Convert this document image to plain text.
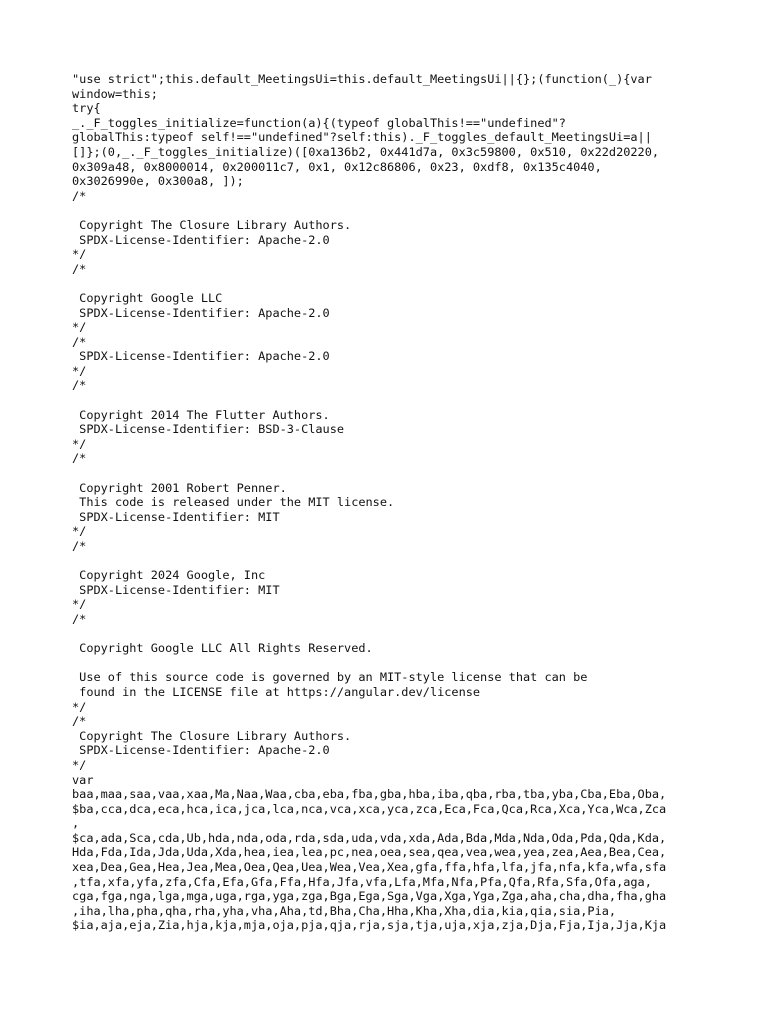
"use strict";this.default_MeetingsUi=this.default_MeetingsUi||{};(function(_){var
window=this;
try{
_._F_toggles_initialize=function(a){(typeof globalThis!=="undefined"?
globalThis:typeof self!=="undefined"?self:this)._F_toggles_default_MeetingsUi=a||
[]};(0,_._F_toggles_initialize)([0xa136b2, 0x441d7a, 0x3c59800, 0x510, 0x22d20220,
0x309a48, 0x8000014, 0x200011c7, 0x1, 0x12c86806, 0x23, 0xdf8, 0x135c4040,
0x3026990e, 0x300a8, ]);
/*
Copyright The Closure Library Authors.
SPDX-License-Identifier: Apache-2.0
*/
/*
Copyright Google LLC
SPDX-License-Identifier: Apache-2.0
*/
/*
SPDX-License-Identifier: Apache-2.0
*/
/*
Copyright 2014 The Flutter Authors.
SPDX-License-Identifier: BSD-3-Clause
*/
/*
Copyright 2001 Robert Penner.
This code is released under the MIT license.
SPDX-License-Identifier: MIT
*/
/*
Copyright 2024 Google, Inc
SPDX-License-Identifier: MIT
*/
/*
Copyright Google LLC All Rights Reserved.
Use of this source code is governed by an MIT-style license that can be
found in the LICENSE file at https://angular.dev/license
*/
/*
Copyright The Closure Library Authors.
SPDX-License-Identifier: Apache-2.0
*/
var
baa,maa,saa,vaa,xaa,Ma,Naa,Waa,cba,eba,fba,gba,hba,iba,qba,rba,tba,yba,Cba,Eba,Oba,
$ba,cca,dca,eca,hca,ica,jca,lca,nca,vca,xca,yca,zca,Eca,Fca,Qca,Rca,Xca,Yca,Wca,Zca
,
$ca,ada,Sca,cda,Ub,hda,nda,oda,rda,sda,uda,vda,xda,Ada,Bda,Mda,Nda,Oda,Pda,Qda,Kda,
Hda,Fda,Ida,Jda,Uda,Xda,hea,iea,lea,pc,nea,oea,sea,qea,vea,wea,yea,zea,Aea,Bea,Cea,
xea,Dea,Gea,Hea,Jea,Mea,Oea,Qea,Uea,Wea,Vea,Xea,gfa,ffa,hfa,lfa,jfa,nfa,kfa,wfa,sfa
,tfa,xfa,yfa,zfa,Cfa,Efa,Gfa,Ffa,Hfa,Jfa,vfa,Lfa,Mfa,Nfa,Pfa,Qfa,Rfa,Sfa,Ofa,aga,
cga,fga,nga,lga,mga,uga,rga,yga,zga,Bga,Ega,Sga,Vga,Xga,Yga,Zga,aha,cha,dha,fha,gha
,iha,lha,pha,qha,rha,yha,vha,Aha,td,Bha,Cha,Hha,Kha,Xha,dia,kia,qia,sia,Pia,
$ia,aja,eja,Zia,hja,kja,mja,oja,pja,qja,rja,sja,tja,uja,xja,zja,Dja,Fja,Ija,Jja,Kja
